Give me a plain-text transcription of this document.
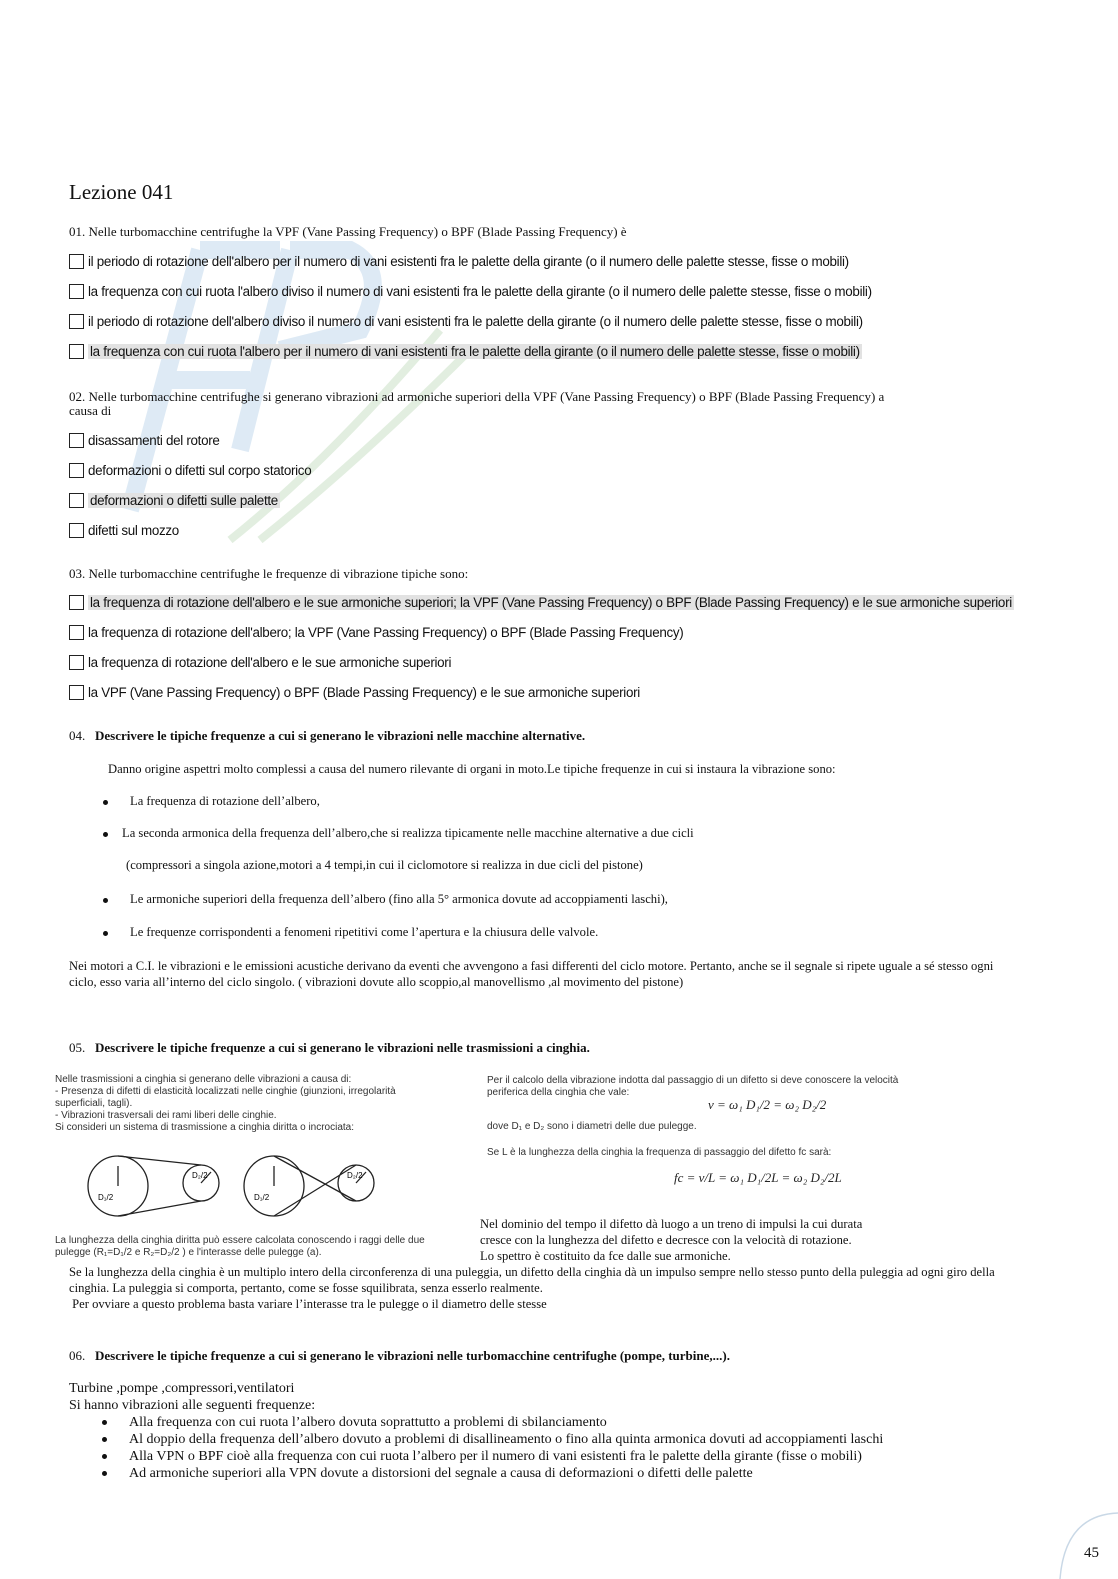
Lezione 041
01. Nelle turbomacchine centrifughe la VPF (Vane Passing Frequency) o BPF (Blade Passing Frequency) è
il periodo di rotazione dell'albero per il numero di vani esistenti fra le palette della girante (o il numero delle palette stesse, fisse o mobili)
la frequenza con cui ruota l'albero diviso il numero di vani esistenti fra le palette della girante (o il numero delle palette stesse, fisse o mobili)
il periodo di rotazione dell'albero diviso il numero di vani esistenti fra le palette della girante (o il numero delle palette stesse, fisse o mobili)
la frequenza con cui ruota l'albero per il numero di vani esistenti fra le palette della girante (o il numero delle palette stesse, fisse o mobili)
02. Nelle turbomacchine centrifughe si generano vibrazioni ad armoniche superiori della VPF (Vane Passing Frequency) o BPF (Blade Passing Frequency) a
causa di
disassamenti del rotore
deformazioni o difetti sul corpo statorico
deformazioni o difetti sulle palette
difetti sul mozzo
03. Nelle turbomacchine centrifughe le frequenze di vibrazione tipiche sono:
la frequenza di rotazione dell'albero e le sue armoniche superiori; la VPF (Vane Passing Frequency) o BPF (Blade Passing Frequency) e le sue armoniche superiori
la frequenza di rotazione dell'albero; la VPF (Vane Passing Frequency) o BPF (Blade Passing Frequency)
la frequenza di rotazione dell'albero e le sue armoniche superiori
la VPF (Vane Passing Frequency) o BPF (Blade Passing Frequency) e le sue armoniche superiori
04. Descrivere le tipiche frequenze a cui si generano le vibrazioni nelle macchine alternative.
Danno origine aspettri molto complessi a causa del numero rilevante di organi in moto.Le tipiche frequenze in cui si instaura la vibrazione sono:
La frequenza di rotazione dell’albero,
La seconda armonica della frequenza dell’albero,che si realizza tipicamente nelle macchine alternative a due cicli
(compressori a singola azione,motori a 4 tempi,in cui il ciclomotore si realizza in due cicli del pistone)
Le armoniche superiori della frequenza dell’albero (fino alla 5° armonica dovute ad accoppiamenti laschi),
Le frequenze corrispondenti a fenomeni ripetitivi come l’apertura e la chiusura delle valvole.
Nei motori a C.I. le vibrazioni e le emissioni acustiche derivano da eventi che avvengono a fasi differenti del ciclo motore. Pertanto, anche se il segnale si ripete uguale a sé stesso ogni
ciclo, esso varia all’interno del ciclo singolo. ( vibrazioni dovute allo scoppio,al manovellismo ,al movimento del pistone)
05. Descrivere le tipiche frequenze a cui si generano le vibrazioni nelle trasmissioni a cinghia.
Nelle trasmissioni a cinghia si generano delle vibrazioni a causa di:
- Presenza di difetti di elasticità localizzati nelle cinghie (giunzioni, irregolarità
superficiali, tagli).
- Vibrazioni trasversali dei rami liberi delle cinghie.
Si consideri un sistema di trasmissione a cinghia diritta o incrociata:
D₁/2
D₂/2
D₁/2
D₂/2
La lunghezza della cinghia diritta può essere calcolata conoscendo i raggi delle due
pulegge (R₁=D₁/2 e R₂=D₂/2 ) e l'interasse delle pulegge (a).
Per il calcolo della vibrazione indotta dal passaggio di un difetto si deve conoscere la velocità
periferica della cinghia che vale:
v = ω₁ D₁/2 = ω₂ D₂/2
dove D₁ e D₂ sono i diametri delle due pulegge.
Se L è la lunghezza della cinghia la frequenza di passaggio del difetto fc sarà:
fc = v/L = ω₁ D₁/2L = ω₂ D₂/2L
Nel dominio del tempo il difetto dà luogo a un treno di impulsi la cui durata
cresce con la lunghezza del difetto e decresce con la velocità di rotazione.
Lo spettro è costituito da fce dalle sue armoniche.
Se la lunghezza della cinghia è un multiplo intero della circonferenza di una puleggia, un difetto della cinghia dà un impulso sempre nello stesso punto della puleggia ad ogni giro della
cinghia. La puleggia si comporta, pertanto, come se fosse squilibrata, senza esserlo realmente.
Per ovviare a questo problema basta variare l’interasse tra le pulegge o il diametro delle stesse
06. Descrivere le tipiche frequenze a cui si generano le vibrazioni nelle turbomacchine centrifughe (pompe, turbine,...).
Turbine ,pompe ,compressori,ventilatori
Si hanno vibrazioni alle seguenti frequenze:
Alla frequenza con cui ruota l’albero dovuta soprattutto a problemi di sbilanciamento
Al doppio della frequenza dell’albero dovuto a problemi di disallineamento o fino alla quinta armonica dovuti ad accoppiamenti laschi
Alla VPN o BPF cioè alla frequenza con cui ruota l’albero per il numero di vani esistenti fra le palette della girante (fisse o mobili)
Ad armoniche superiori alla VPN dovute a distorsioni del segnale a causa di deformazioni o difetti delle palette
45
